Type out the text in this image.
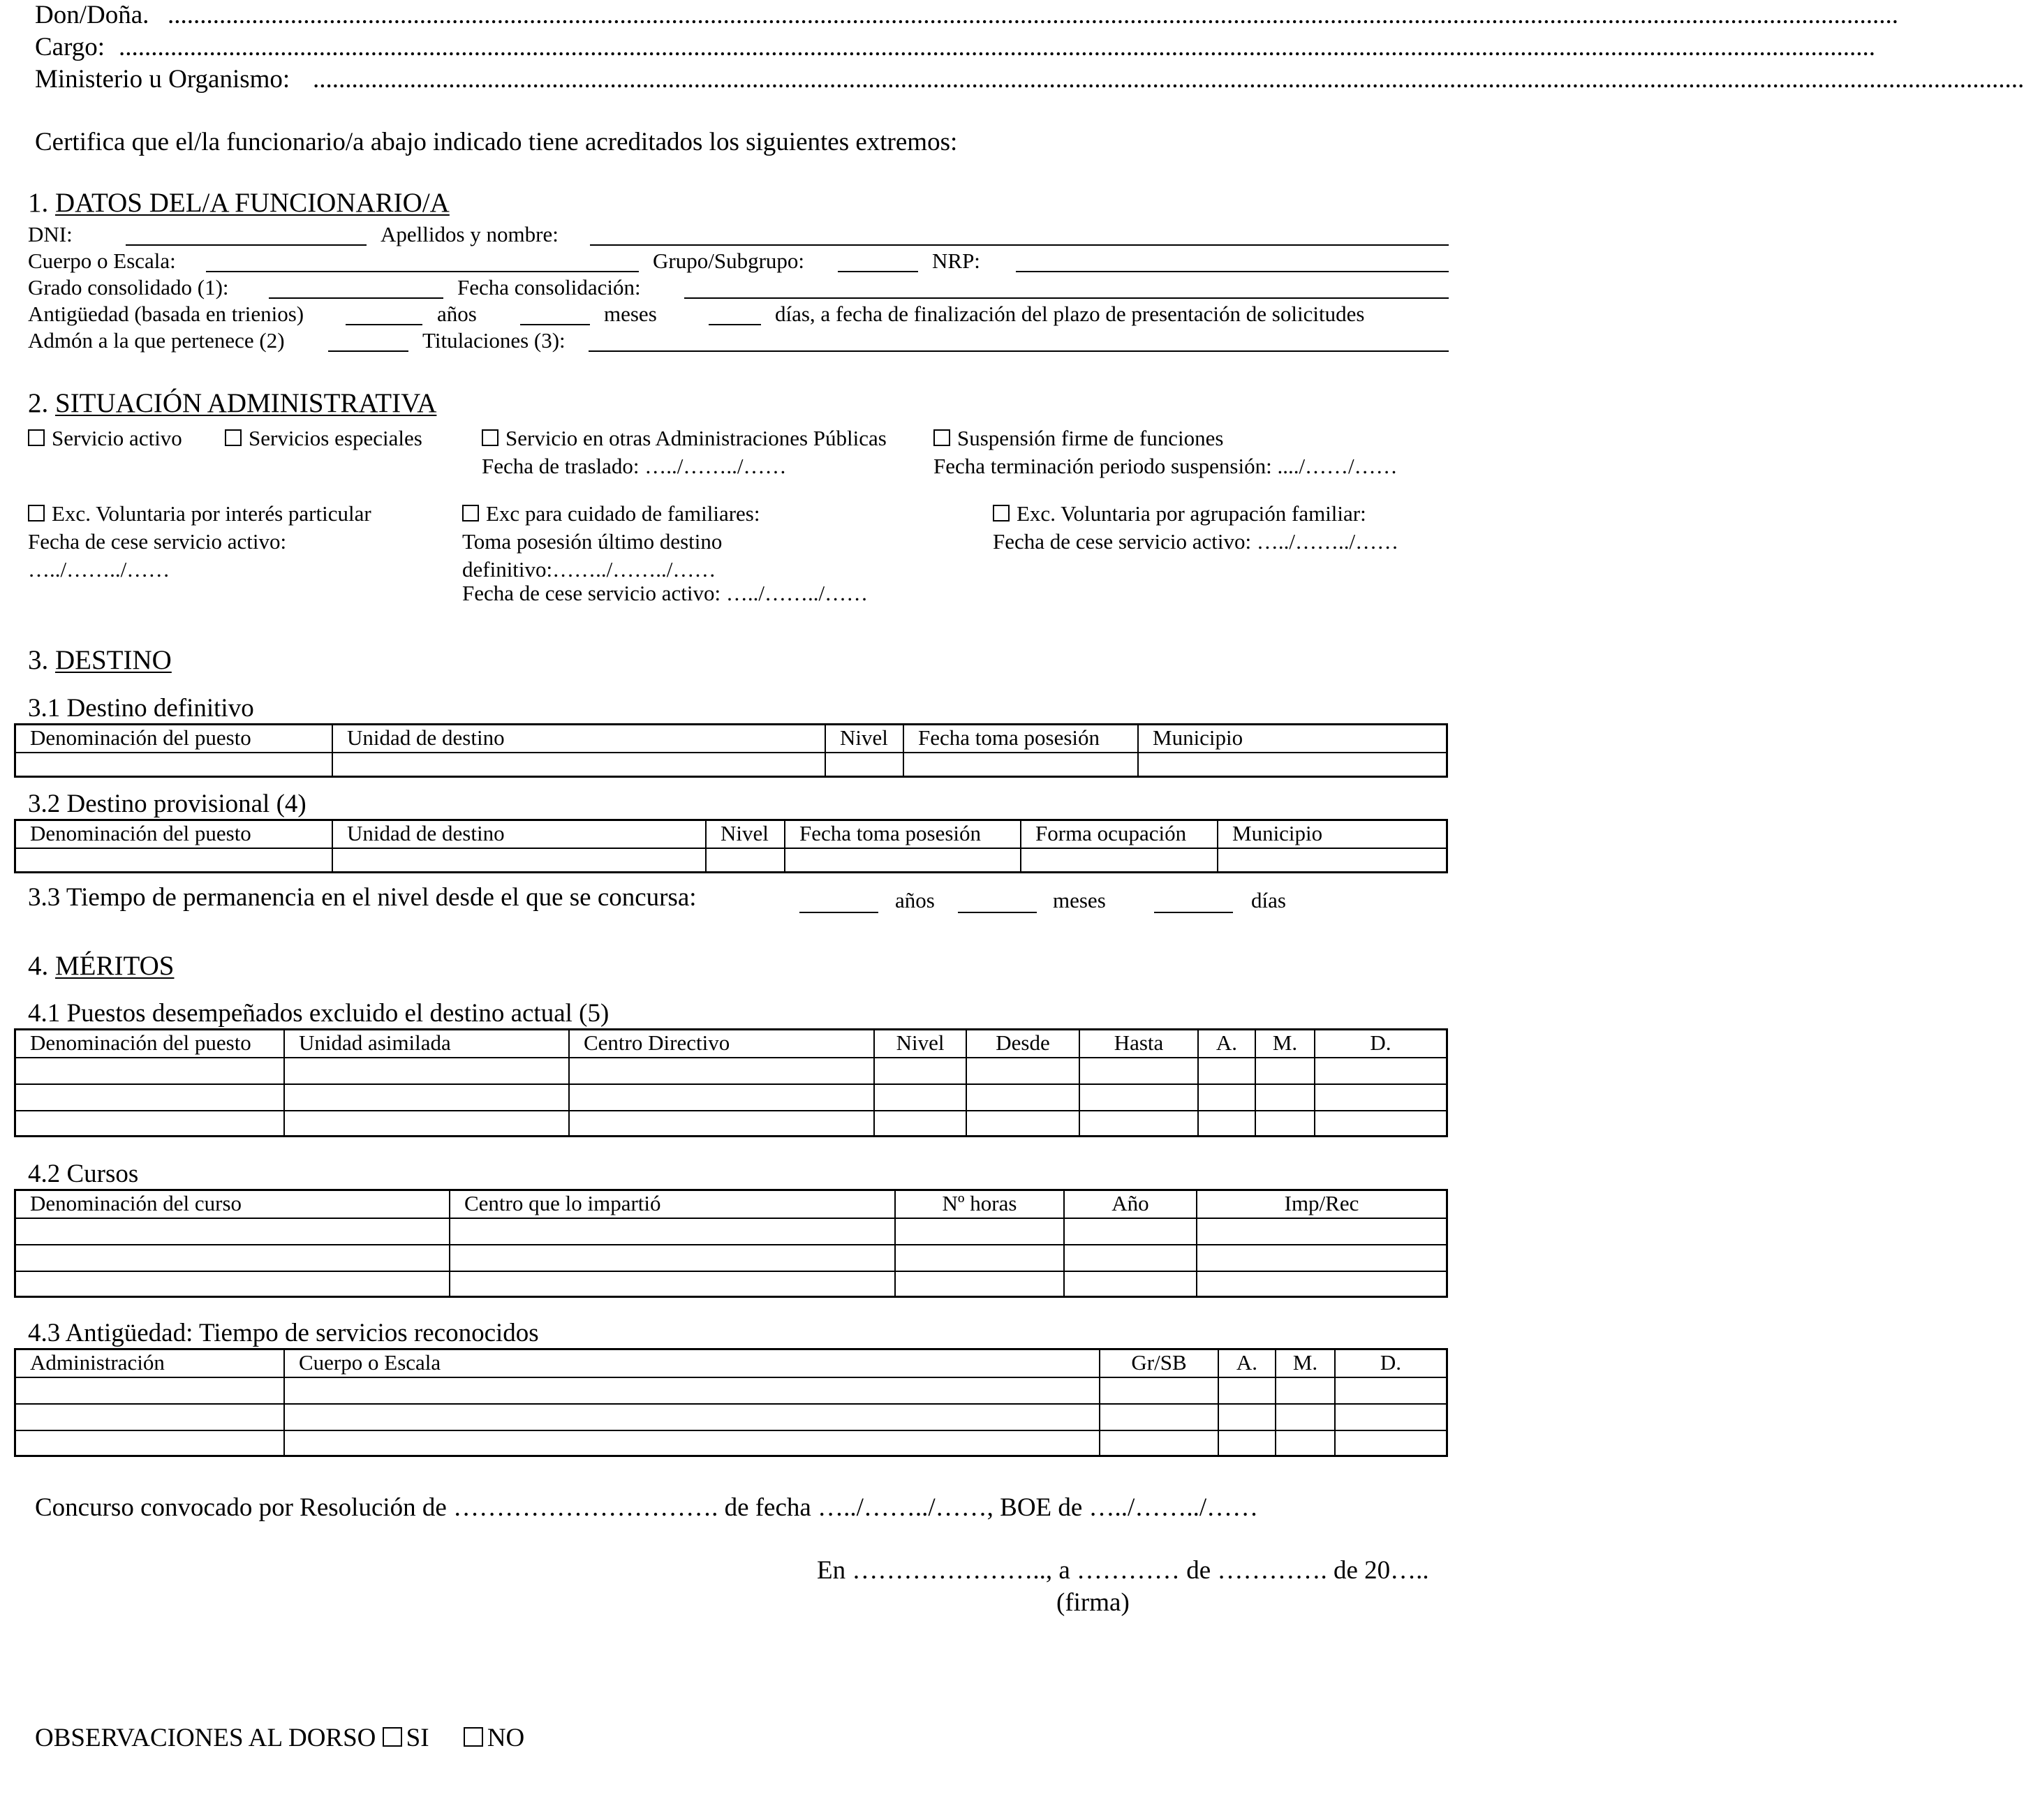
Don/Doña. ............................................................................................................................................................................................................................................................................
Cargo: ................................................................................................................................................................................................................................................................................
Ministerio u Organismo: .........................................................................................................................................................................................................................................................................
Certifica que el/la funcionario/a abajo indicado tiene acreditados los siguientes extremos:
1. DATOS DEL/A FUNCIONARIO/A
DNI:	Apellidos y nombre:
Cuerpo o Escala:	Grupo/Subgrupo:	NRP:
Grado consolidado (1):	Fecha consolidación:
Antigüedad (basada en trienios)	años	meses	días, a fecha de finalización del plazo de presentación de solicitudes
Admón a la que pertenece (2)	Titulaciones (3):
2. SITUACIÓN ADMINISTRATIVA
Servicio activo	Servicios especiales	Servicio en otras Administraciones Públicas
Fecha de traslado: …../……../……
Suspensión firme de funciones
Fecha terminación periodo suspensión: ..../……/……
Exc. Voluntaria por interés particular
Fecha de cese servicio activo:
…../……../……
Exc para cuidado de familiares:
Toma posesión último destino
definitivo:……../……../……
Fecha de cese servicio activo: …../……../……
Exc. Voluntaria por agrupación familiar:
Fecha de cese servicio activo: …../……../……
3. DESTINO
3.1 Destino definitivo
Denominación del puesto	Unidad de destino	Nivel	Fecha toma posesión	Municipio
3.2 Destino provisional (4)
Denominación del puesto	Unidad de destino	Nivel	Fecha toma posesión	Forma ocupación	Municipio
3.3 Tiempo de permanencia en el nivel desde el que se concursa:	años	meses	días
4. MÉRITOS
4.1 Puestos desempeñados excluido el destino actual (5)
Denominación del puesto	Unidad asimilada	Centro Directivo	Nivel	Desde	Hasta	A.	M.	D.
4.2 Cursos
Denominación del curso	Centro que lo impartió	Nº horas	Año	Imp/Rec
4.3 Antigüedad: Tiempo de servicios reconocidos
Administración	Cuerpo o Escala	Gr/SB	A.	M.	D.
Concurso convocado por Resolución de …………………………. de fecha …../……../……, BOE de …../……../……
En ………………….., a ………… de …………. de 20…..
(firma)
OBSERVACIONES AL DORSO SI NO
